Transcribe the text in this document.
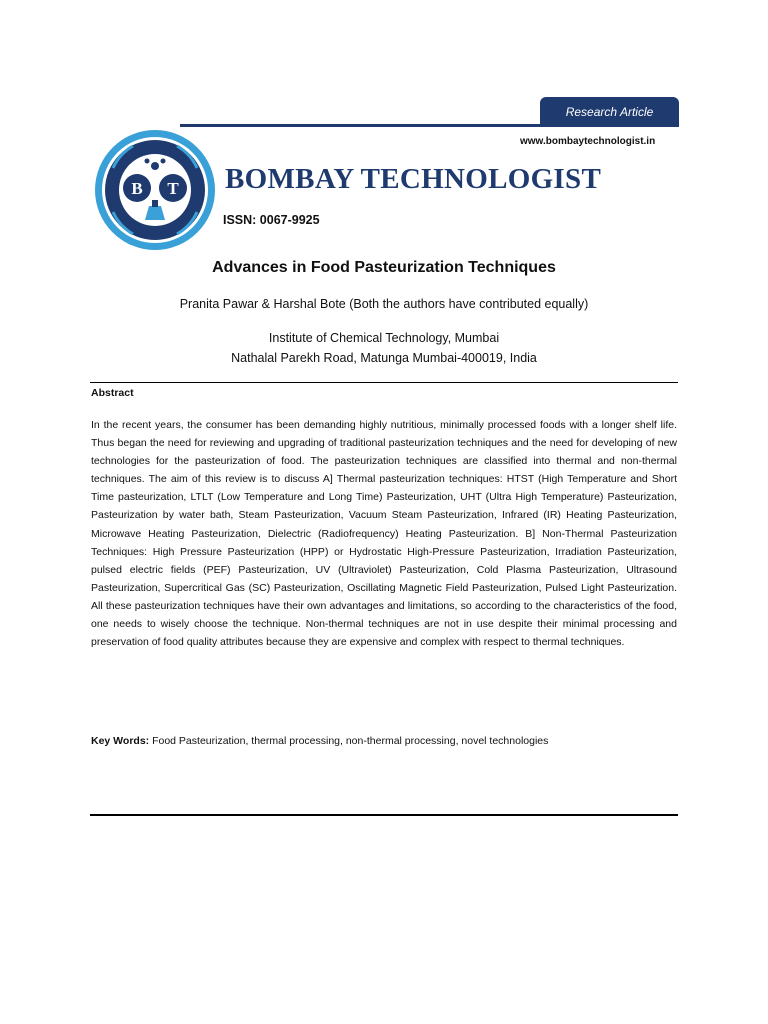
Research Article
www.bombaytechnologist.in
B T BOMBAY TECHNOLOGIST
ISSN: 0067-9925
Advances in Food Pasteurization Techniques
Pranita Pawar & Harshal Bote (Both the authors have contributed equally)
Institute of Chemical Technology, Mumbai
Nathalal Parekh Road, Matunga Mumbai-400019, India
Abstract
In the recent years, the consumer has been demanding highly nutritious, minimally processed foods with a longer shelf life. Thus began the need for reviewing and upgrading of traditional pasteurization techniques and the need for developing of new technologies for the pasteurization of food. The pasteurization techniques are classified into thermal and non-thermal techniques. The aim of this review is to discuss A] Thermal pasteurization techniques: HTST (High Temperature and Short Time pasteurization, LTLT (Low Temperature and Long Time) Pasteurization, UHT (Ultra High Temperature) Pasteurization, Pasteurization by water bath, Steam Pasteurization, Vacuum Steam Pasteurization, Infrared (IR) Heating Pasteurization, Microwave Heating Pasteurization, Dielectric (Radiofrequency) Heating Pasteurization. B] Non-Thermal Pasteurization Techniques: High Pressure Pasteurization (HPP) or Hydrostatic High-Pressure Pasteurization, Irradiation Pasteurization, pulsed electric fields (PEF) Pasteurization, UV (Ultraviolet) Pasteurization, Cold Plasma Pasteurization, Ultrasound Pasteurization, Supercritical Gas (SC) Pasteurization, Oscillating Magnetic Field Pasteurization, Pulsed Light Pasteurization. All these pasteurization techniques have their own advantages and limitations, so according to the characteristics of the food, one needs to wisely choose the technique. Non-thermal techniques are not in use despite their minimal processing and preservation of food quality attributes because they are expensive and complex with respect to thermal techniques.
Key Words: Food Pasteurization, thermal processing, non-thermal processing, novel technologies
